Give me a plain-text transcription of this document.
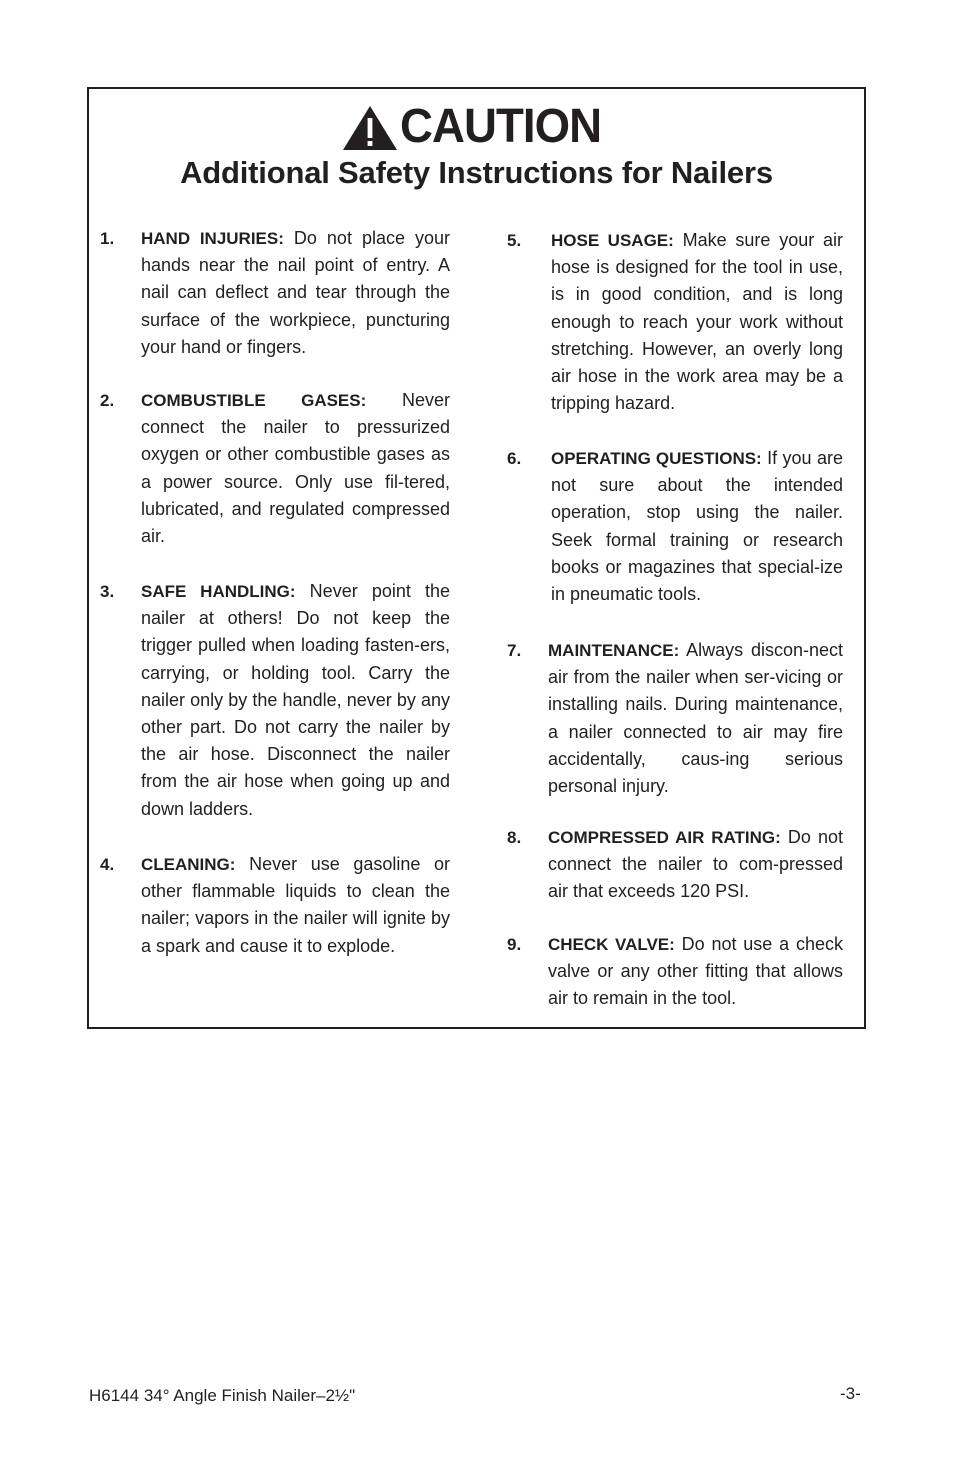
CAUTION
Additional Safety Instructions for Nailers
1. HAND INJURIES: Do not place your hands near the nail point of entry. A nail can deflect and tear through the surface of the workpiece, puncturing your hand or fingers.
2. COMBUSTIBLE GASES: Never connect the nailer to pressurized oxygen or other combustible gases as a power source. Only use fil-tered, lubricated, and regulated compressed air.
3. SAFE HANDLING: Never point the nailer at others! Do not keep the trigger pulled when loading fasten-ers, carrying, or holding tool. Carry the nailer only by the handle, never by any other part. Do not carry the nailer by the air hose. Disconnect the nailer from the air hose when going up and down ladders.
4. CLEANING: Never use gasoline or other flammable liquids to clean the nailer; vapors in the nailer will ignite by a spark and cause it to explode.
5. HOSE USAGE: Make sure your air hose is designed for the tool in use, is in good condition, and is long enough to reach your work without stretching. However, an overly long air hose in the work area may be a tripping hazard.
6. OPERATING QUESTIONS: If you are not sure about the intended operation, stop using the nailer. Seek formal training or research books or magazines that special-ize in pneumatic tools.
7. MAINTENANCE: Always discon-nect air from the nailer when ser-vicing or installing nails. During maintenance, a nailer connected to air may fire accidentally, caus-ing serious personal injury.
8. COMPRESSED AIR RATING: Do not connect the nailer to com-pressed air that exceeds 120 PSI.
9. CHECK VALVE: Do not use a check valve or any other fitting that allows air to remain in the tool.
H6144 34° Angle Finish Nailer–2½"	-3-
